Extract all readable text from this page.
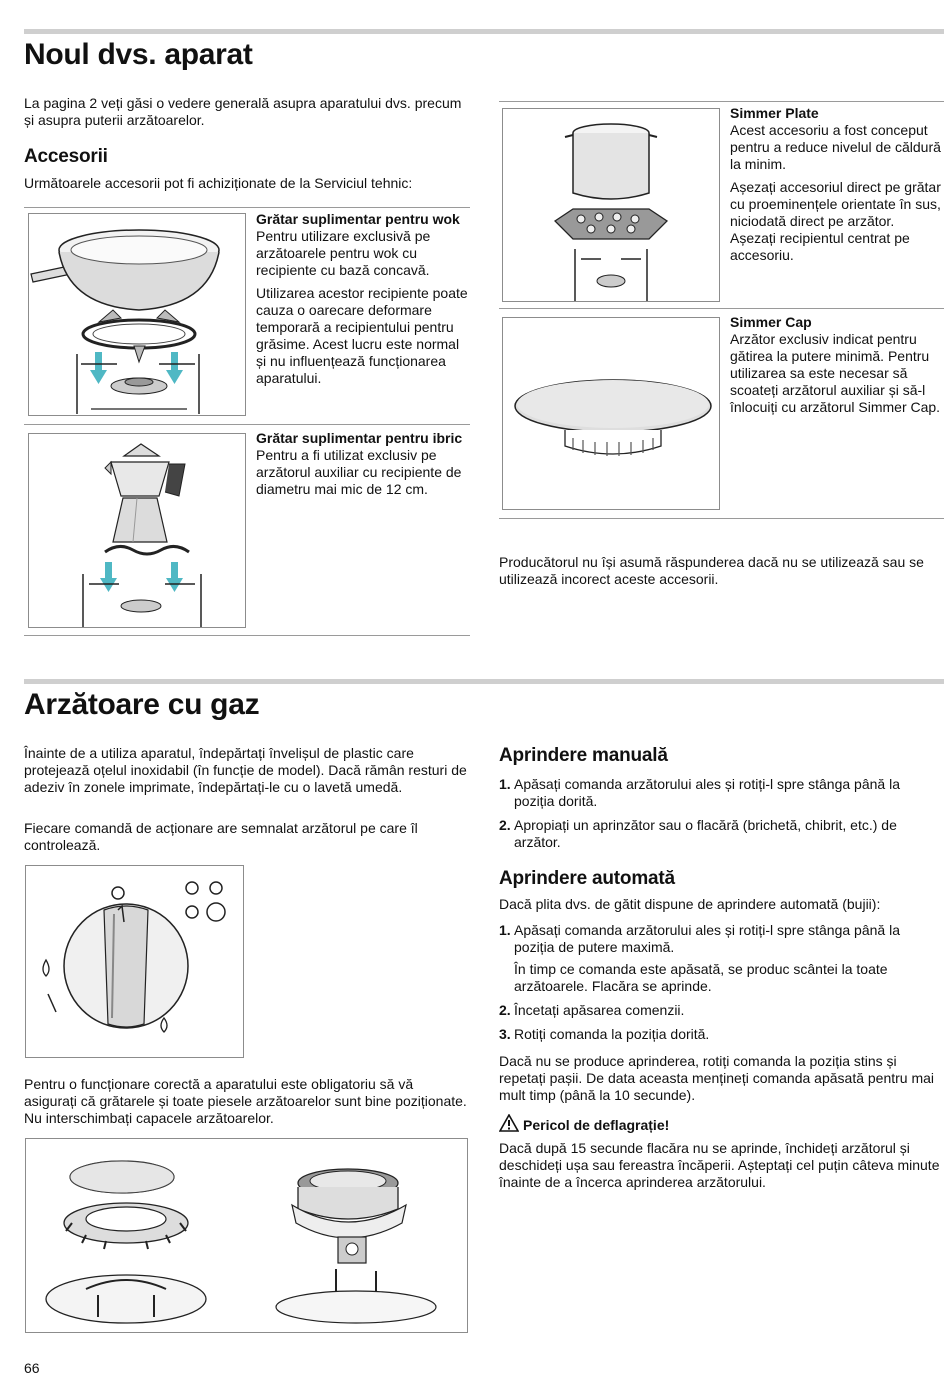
Noul dvs. aparat
La pagina 2 veți găsi o vedere generală asupra aparatului dvs. precum și asupra puterii arzătoarelor.
Accesorii
Următoarele accesorii pot fi achiziționate de la Serviciul tehnic:
Grătar suplimentar pentru wok
Pentru utilizare exclusivă pe arzătoarele pentru wok cu recipiente cu bază concavă.
Utilizarea acestor recipiente poate cauza o oarecare deformare temporară a recipientului pentru grăsime. Acest lucru este normal și nu influențează funcționarea aparatului.
Grătar suplimentar pentru ibric
Pentru a fi utilizat exclusiv pe arzătorul auxiliar cu recipiente de diametru mai mic de 12 cm.
Simmer Plate
Acest accesoriu a fost conceput pentru a reduce nivelul de căldură la minim.
Așezați accesoriul direct pe grătar cu proeminențele orientate în sus, niciodată direct pe arzător. Așezați recipientul centrat pe accesoriu.
Simmer Cap
Arzător exclusiv indicat pentru gătirea la putere minimă. Pentru utilizarea sa este necesar să scoateți arzătorul auxiliar și să-l înlocuiți cu arzătorul Simmer Cap.
Producătorul nu își asumă răspunderea dacă nu se utilizează sau se utilizează incorect aceste accesorii.
Arzătoare cu gaz
Înainte de a utiliza aparatul, îndepărtați învelișul de plastic care protejează oțelul inoxidabil (în funcție de model). Dacă rămân resturi de adeziv în zonele imprimate, îndepărtați-le cu o lavetă umedă.
Fiecare comandă de acționare are semnalat arzătorul pe care îl controlează.
Pentru o funcționare corectă a aparatului este obligatoriu să vă asigurați că grătarele și toate piesele arzătoarelor sunt bine poziționate. Nu interschimbați capacele arzătoarelor.
Aprindere manuală
1. Apăsați comanda arzătorului ales și rotiți-l spre stânga până la poziția dorită.
2. Apropiați un aprinzător sau o flacără (brichetă, chibrit, etc.) de arzător.
Aprindere automată
Dacă plita dvs. de gătit dispune de aprindere automată (bujii):
1. Apăsați comanda arzătorului ales și rotiți-l spre stânga până la poziția de putere maximă.
În timp ce comanda este apăsată, se produc scântei la toate arzătoarele. Flacăra se aprinde.
2. Încetați apăsarea comenzii.
3. Rotiți comanda la poziția dorită.
Dacă nu se produce aprinderea, rotiți comanda la poziția stins și repetați pașii. De data aceasta mențineți comanda apăsată pentru mai mult timp (până la 10 secunde).
Pericol de deflagrație!
Dacă după 15 secunde flacăra nu se aprinde, închideți arzătorul și deschideți ușa sau fereastra încăperii. Așteptați cel puțin câteva minute înainte de a încerca aprinderea arzătorului.
66
